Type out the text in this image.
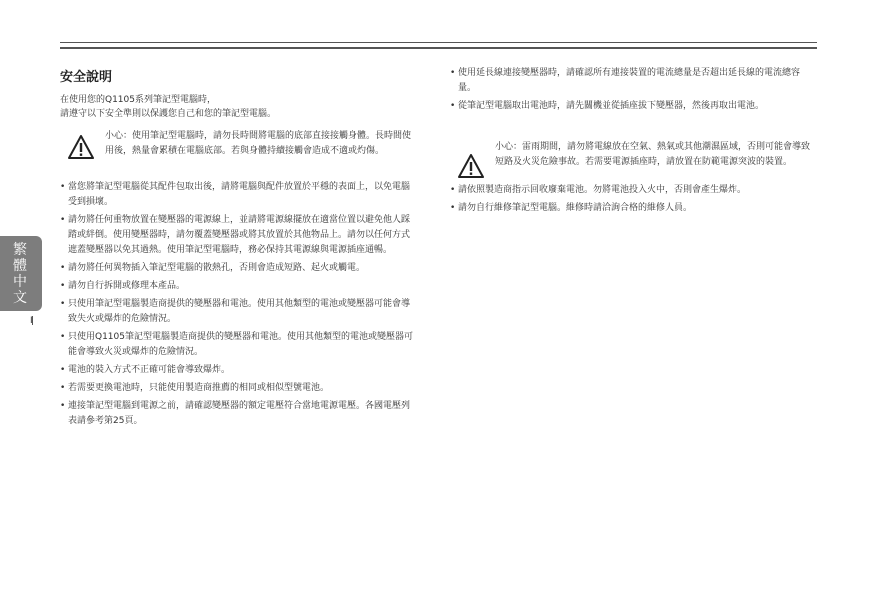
安全說明
在使用您的Q1105系列筆記型電腦時，
請遵守以下安全準則以保護您自己和您的筆記型電腦。
小心：使用筆記型電腦時，請勿長時間將電腦的底部直接接觸身體。長時間使用後，熱量會累積在電腦底部。若與身體持續接觸會造成不適或灼傷。
• 當您將筆記型電腦從其配件包取出後，請將電腦與配件放置於平穩的表面上，以免電腦受到損壞。
• 請勿將任何重物放置在變壓器的電源線上，並請將電源線擺放在適當位置以避免他人踩踏或絆倒。使用變壓器時，請勿覆蓋變壓器或將其放置於其他物品上。請勿以任何方式遮蓋變壓器以免其過熱。使用筆記型電腦時，務必保持其電源線與電源插座通暢。
• 請勿將任何異物插入筆記型電腦的散熱孔，否則會造成短路、起火或觸電。
• 請勿自行拆開或修理本產品。
• 只使用筆記型電腦製造商提供的變壓器和電池。使用其他類型的電池或變壓器可能會導致失火或爆炸的危險情況。
• 只使用Q1105筆記型電腦製造商提供的變壓器和電池。使用其他類型的電池或變壓器可能會導致火災或爆炸的危險情況。
• 電池的裝入方式不正確可能會導致爆炸。
• 若需要更換電池時，只能使用製造商推薦的相同或相似型號電池。
• 連接筆記型電腦到電源之前，請確認變壓器的額定電壓符合當地電源電壓。各國電壓列表請參考第25頁。
• 使用延長線連接變壓器時，請確認所有連接裝置的電流總量是否超出延長線的電流總容量。
• 從筆記型電腦取出電池時，請先關機並從插座拔下變壓器，然後再取出電池。
小心：雷雨期間，請勿將電線放在空氣、熱氣或其他潮濕區域，否則可能會導致短路及火災危險事故。若需要電源插座時，請放置在防範電源突波的裝置。
• 請依照製造商指示回收廢棄電池。勿將電池投入火中，否則會產生爆炸。
• 請勿自行維修筆記型電腦。維修時請洽詢合格的維修人員。
繁體中文
I
